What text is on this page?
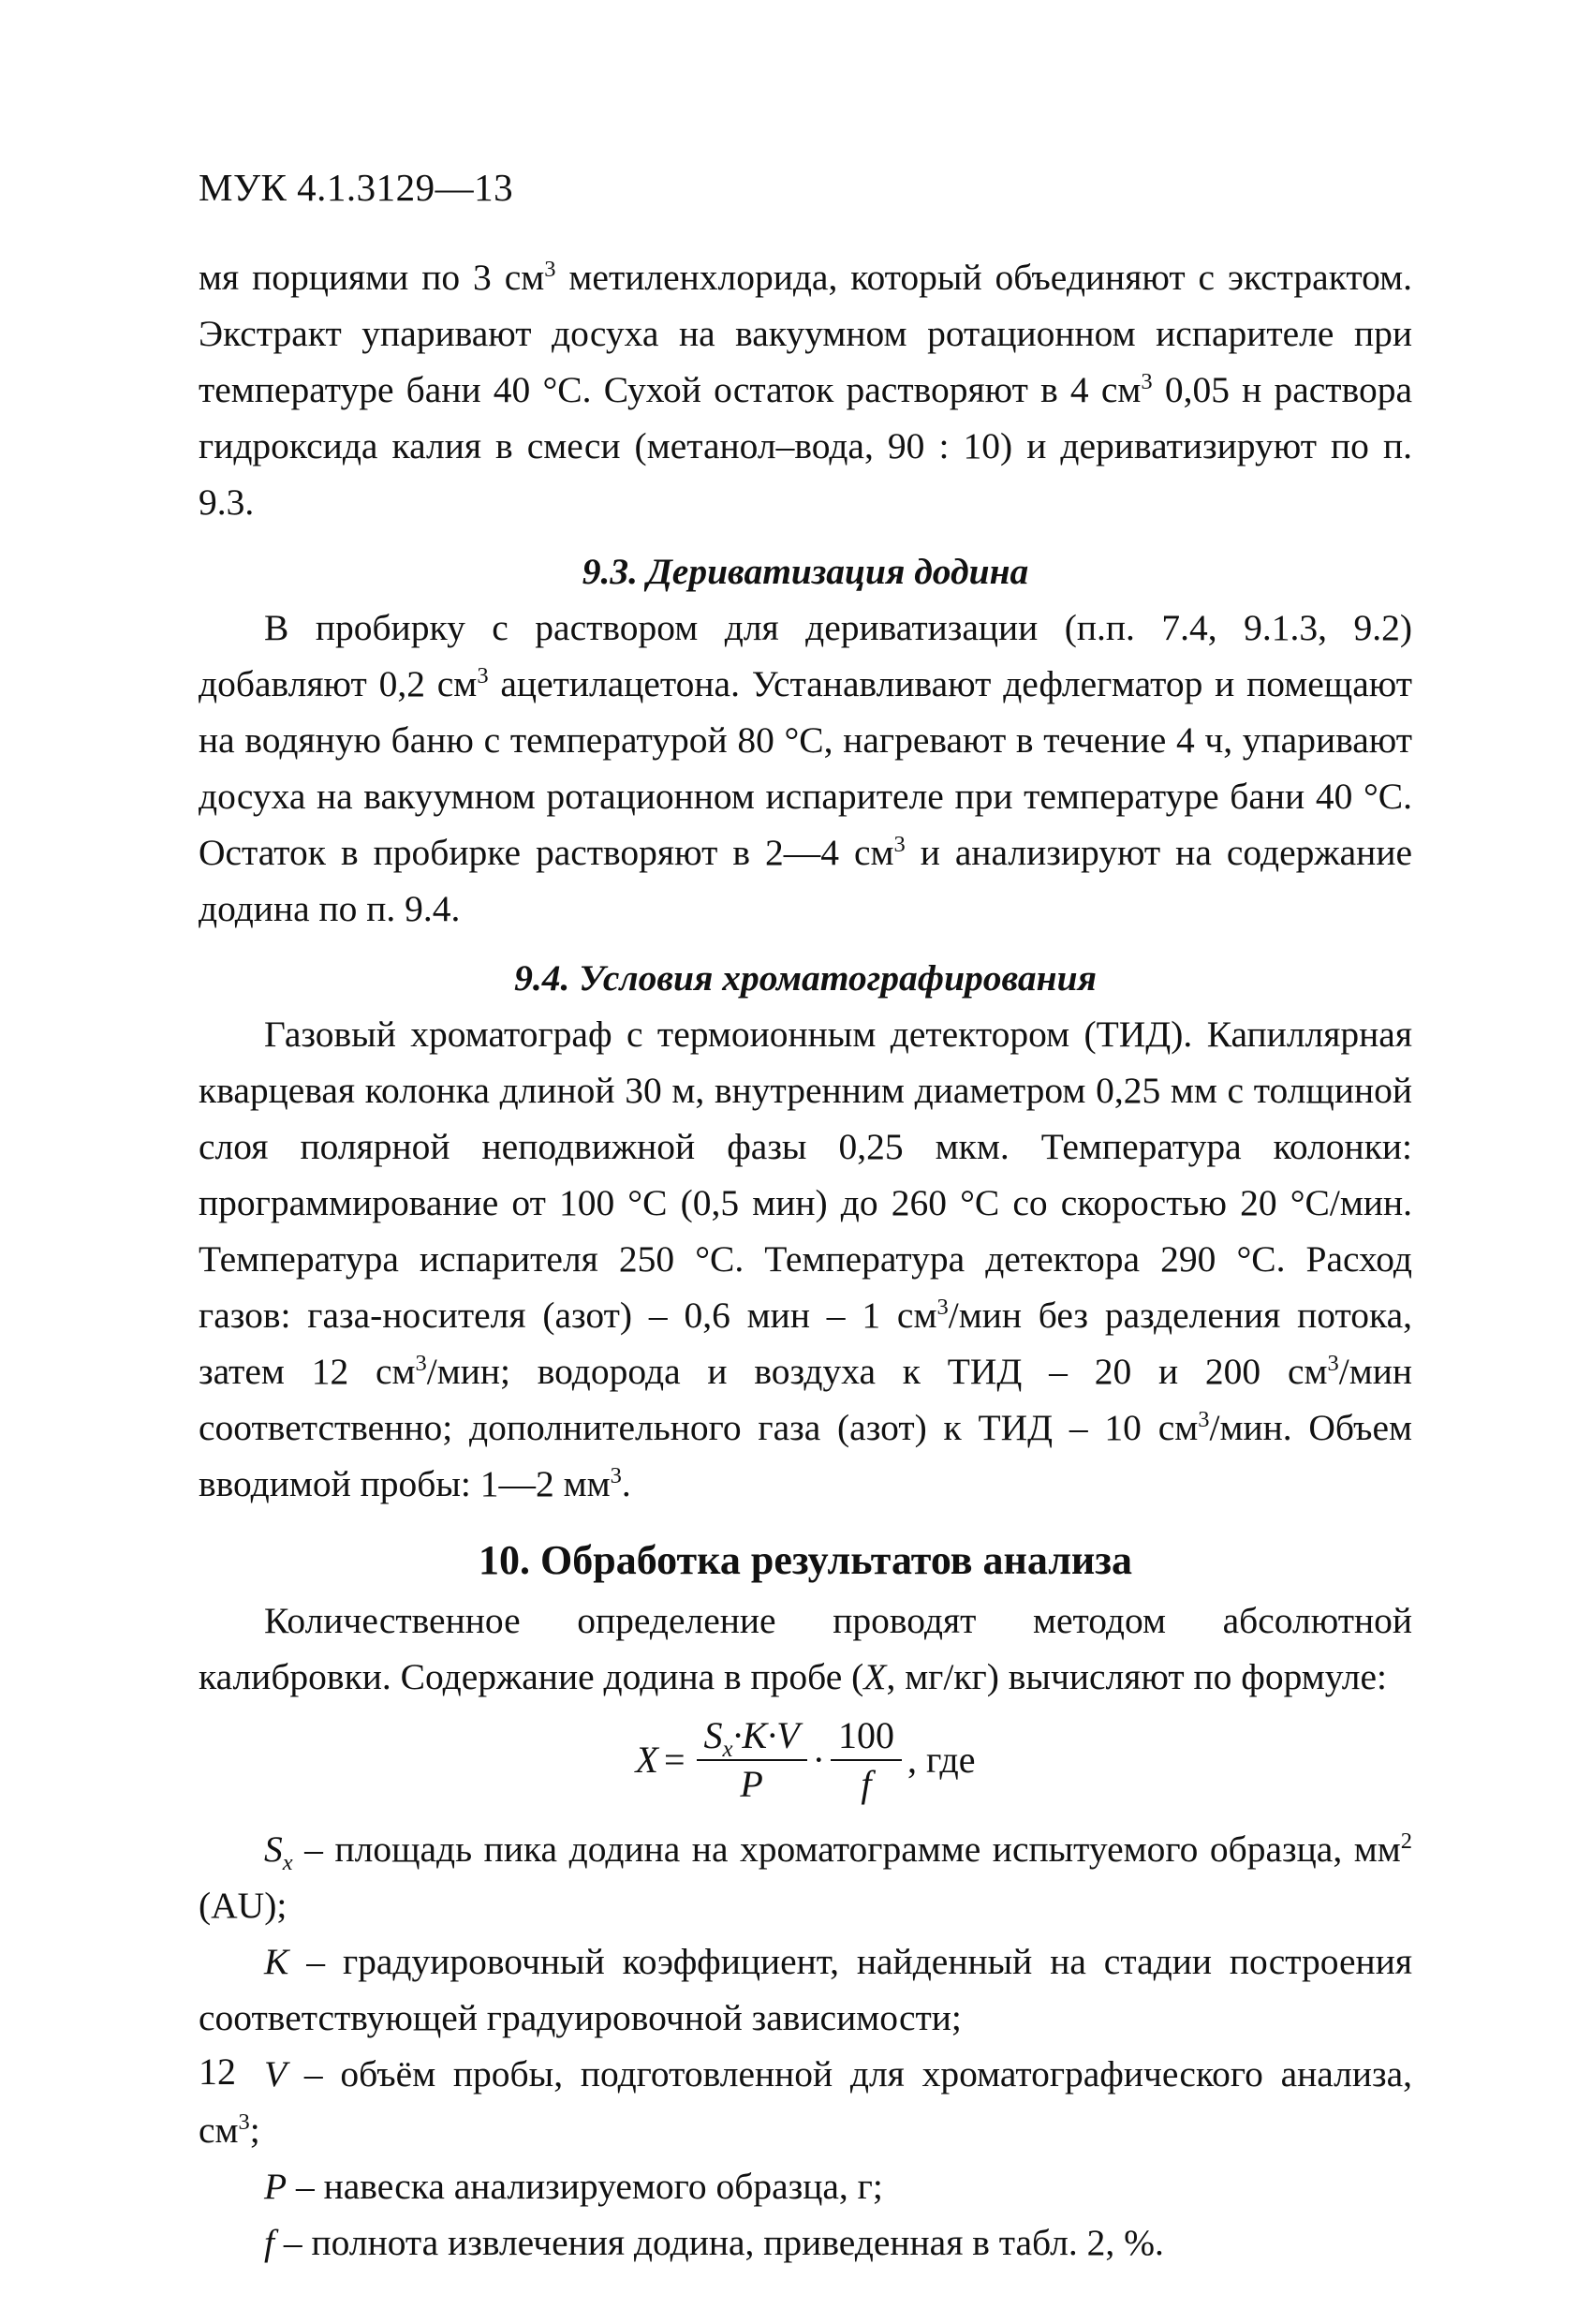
МУК 4.1.3129—13

мя порциями по 3 $см^3$ метиленхлорида, который объединяют с экстрактом. Экстракт упаривают досуха на вакуумном ротационном испарителе при температуре бани 40 °С. Сухой остаток растворяют в 4 $см^3$ 0,05 н раствора гидроксида калия в смеси (метанол–вода, 90 : 10) и дериватизируют по п. 9.3.

9.3. Дериватизация додина

В пробирку с раствором для дериватизации (п.п. 7.4, 9.1.3, 9.2) добавляют 0,2 $см^3$ ацетилацетона. Устанавливают дефлегматор и помещают на водяную баню с температурой 80 °С, нагревают в течение 4 ч, упаривают досуха на вакуумном ротационном испарителе при температуре бани 40 °С. Остаток в пробирке растворяют в 2—4 $см^3$ и анализируют на содержание додина по п. 9.4.

9.4. Условия хроматографирования

Газовый хроматограф с термоионным детектором (ТИД). Капиллярная кварцевая колонка длиной 30 м, внутренним диаметром 0,25 мм с толщиной слоя полярной неподвижной фазы 0,25 мкм. Температура колонки: программирование от 100 °С (0,5 мин) до 260 °С со скоростью 20 °С/мин. Температура испарителя 250 °С. Температура детектора 290 °С. Расход газов: газа-носителя (азот) – 0,6 мин – 1 $см^3$/мин без разделения потока, затем 12 $см^3$/мин; водорода и воздуха к ТИД – 20 и 200 $см^3$/мин соответственно; дополнительного газа (азот) к ТИД – 10 $см^3$/мин. Объем вводимой пробы: 1—2 $мм^3$.

10. Обработка результатов анализа

Количественное определение проводят методом абсолютной калибровки. Содержание додина в пробе (X, мг/кг) вычисляют по формуле:

$X = \frac{S_x\cdot K\cdot V}{P} \cdot \frac{100}{f}$ , где

$S_x$ – площадь пика додина на хроматограмме испытуемого образца, $мм^2$ (AU);

K – градуировочный коэффициент, найденный на стадии построения соответствующей градуировочной зависимости;

V – объём пробы, подготовленной для хроматографического анализа, $см^3$;

P – навеска анализируемого образца, г;

f – полнота извлечения додина, приведенная в табл. 2, %.

12
